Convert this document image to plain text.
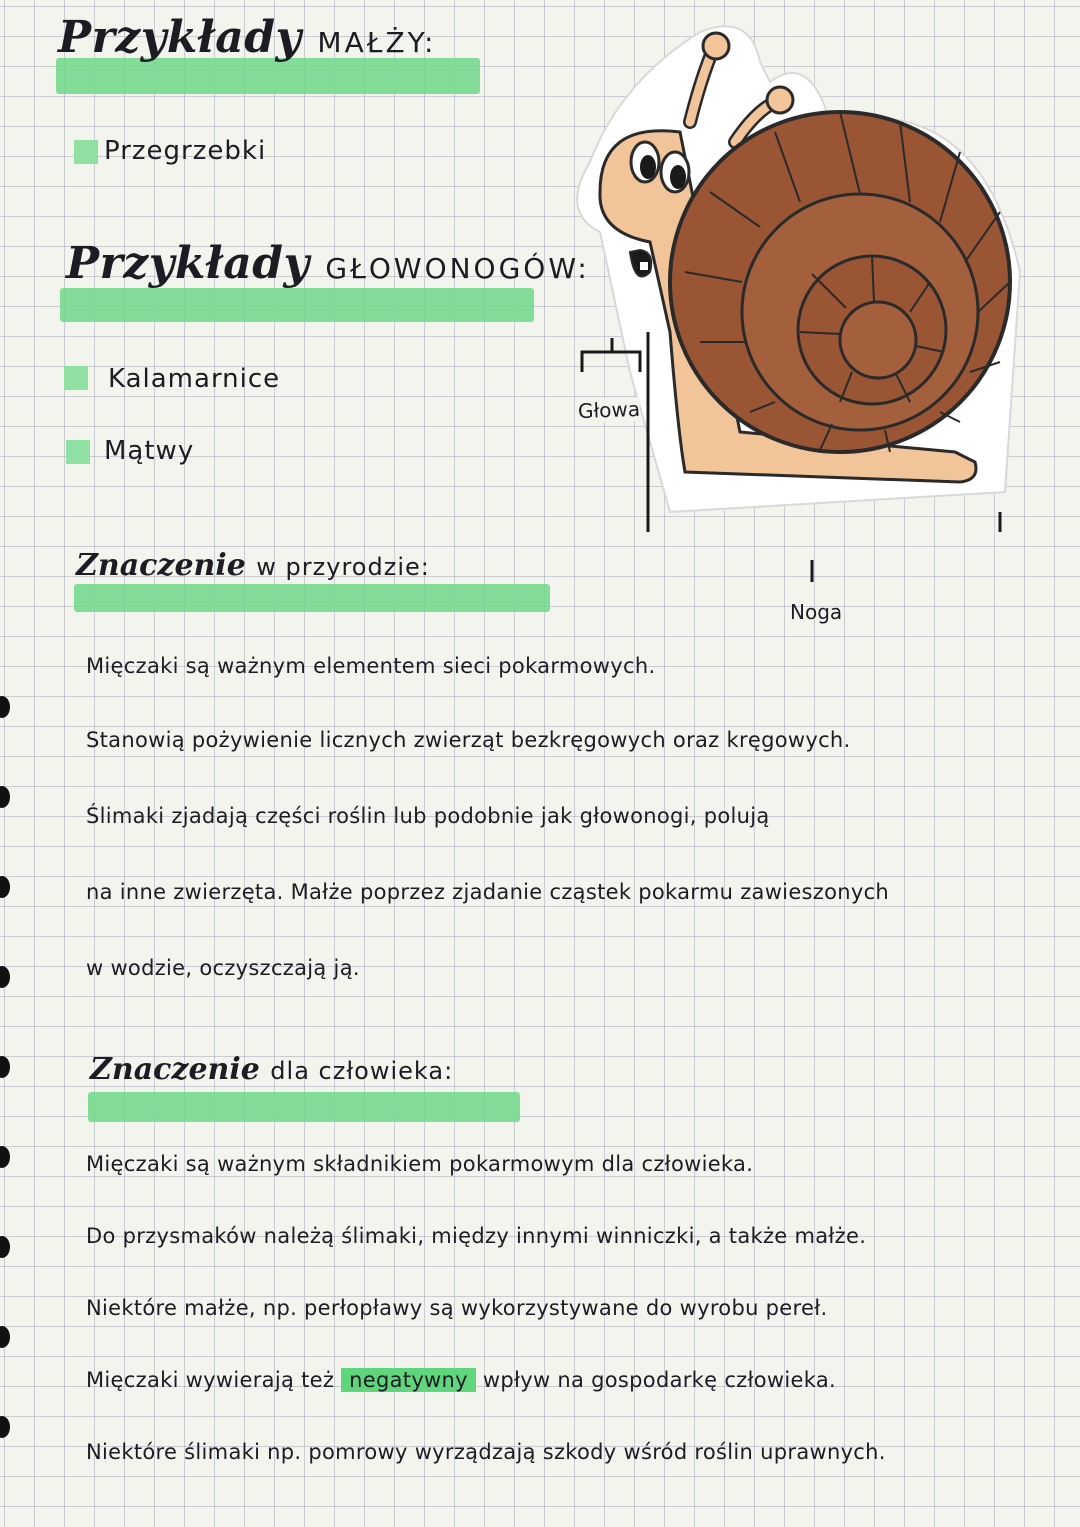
Przykłady MAŁŻY:
Przegrzebki
Przykłady GŁOWONOGÓW:
Kalamarnice
Mątwy
Głowa
Noga
Znaczenie w przyrodzie:
Mięczaki są ważnym elementem sieci pokarmowych.
Stanowią pożywienie licznych zwierząt bezkręgowych oraz kręgowych.
Ślimaki zjadają części roślin lub podobnie jak głowonogi, polują
na inne zwierzęta. Małże poprzez zjadanie cząstek pokarmu zawieszonych
w wodzie, oczyszczają ją.
Znaczenie dla człowieka:
Mięczaki są ważnym składnikiem pokarmowym dla człowieka.
Do przysmaków należą ślimaki, między innymi winniczki, a także małże.
Niektóre małże, np. perłopławy są wykorzystywane do wyrobu pereł.
Mięczaki wywierają też negatywny wpływ na gospodarkę człowieka.
Niektóre ślimaki np. pomrowy wyrządzają szkody wśród roślin uprawnych.
